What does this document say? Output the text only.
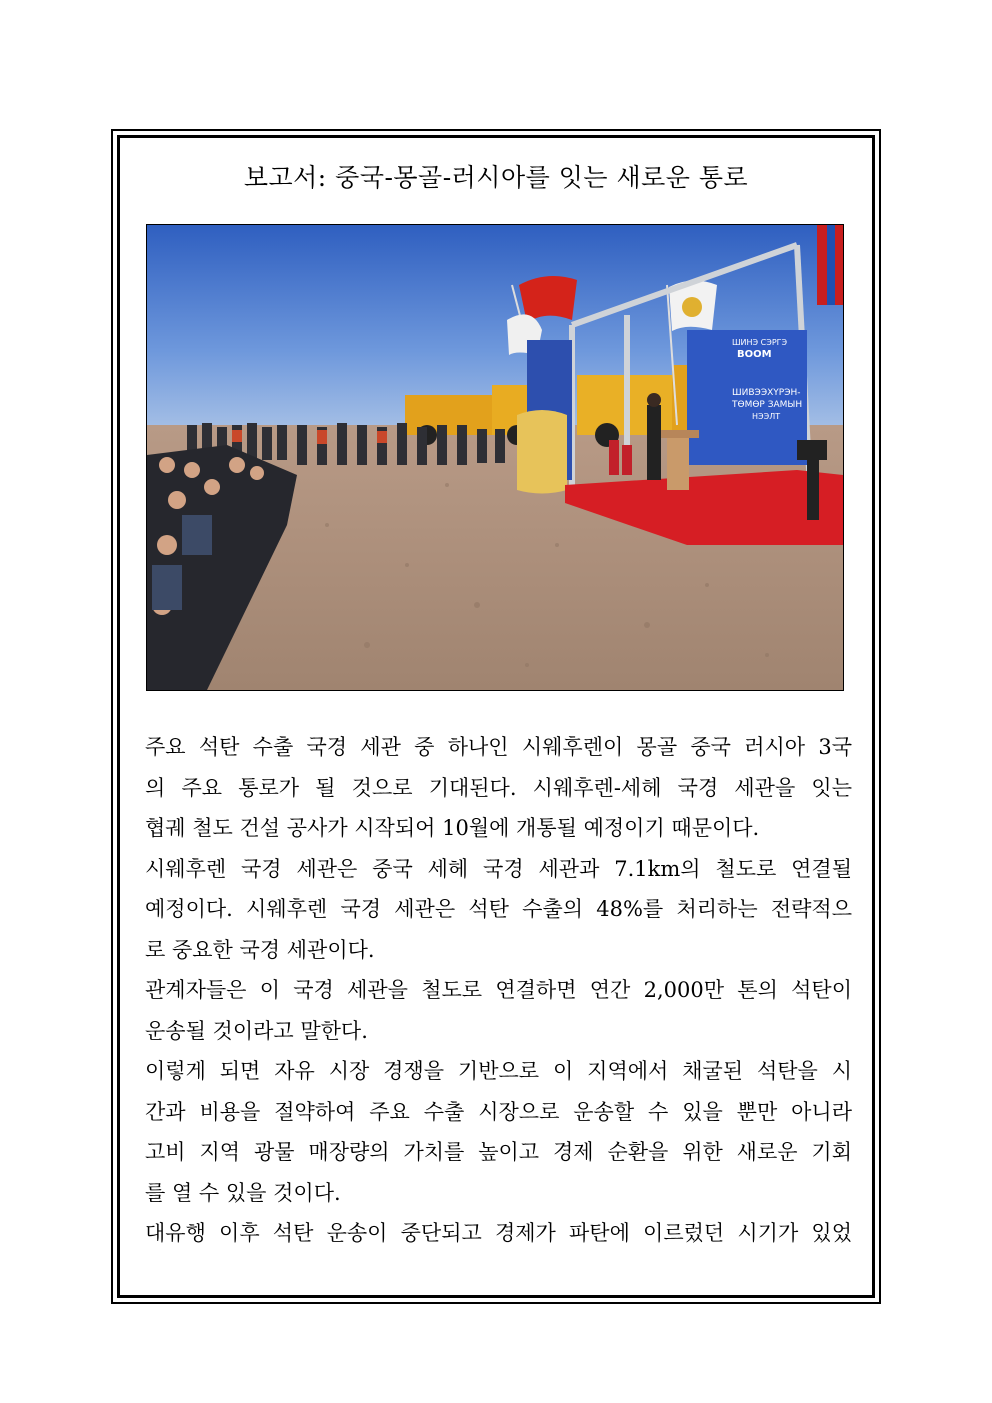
보고서: 중국-몽골-러시아를 잇는 새로운 통로
ШИНЭ СЭРГЭ
BOOM
ШИВЭЭХҮРЭН-
ТӨМӨР ЗАМЫН
НЭЭЛТ
주요 석탄 수출 국경 세관 중 하나인 시웨후렌이 몽골 중국 러시아 3국
의 주요 통로가 될 것으로 기대된다. 시웨후렌-세헤 국경 세관을 잇는
협궤 철도 건설 공사가 시작되어 10월에 개통될 예정이기 때문이다.
시웨후렌 국경 세관은 중국 세헤 국경 세관과 7.1km의 철도로 연결될
예정이다. 시웨후렌 국경 세관은 석탄 수출의 48%를 처리하는 전략적으
로 중요한 국경 세관이다.
관계자들은 이 국경 세관을 철도로 연결하면 연간 2,000만 톤의 석탄이
운송될 것이라고 말한다.
이렇게 되면 자유 시장 경쟁을 기반으로 이 지역에서 채굴된 석탄을 시
간과 비용을 절약하여 주요 수출 시장으로 운송할 수 있을 뿐만 아니라
고비 지역 광물 매장량의 가치를 높이고 경제 순환을 위한 새로운 기회
를 열 수 있을 것이다.
대유행 이후 석탄 운송이 중단되고 경제가 파탄에 이르렀던 시기가 있었
